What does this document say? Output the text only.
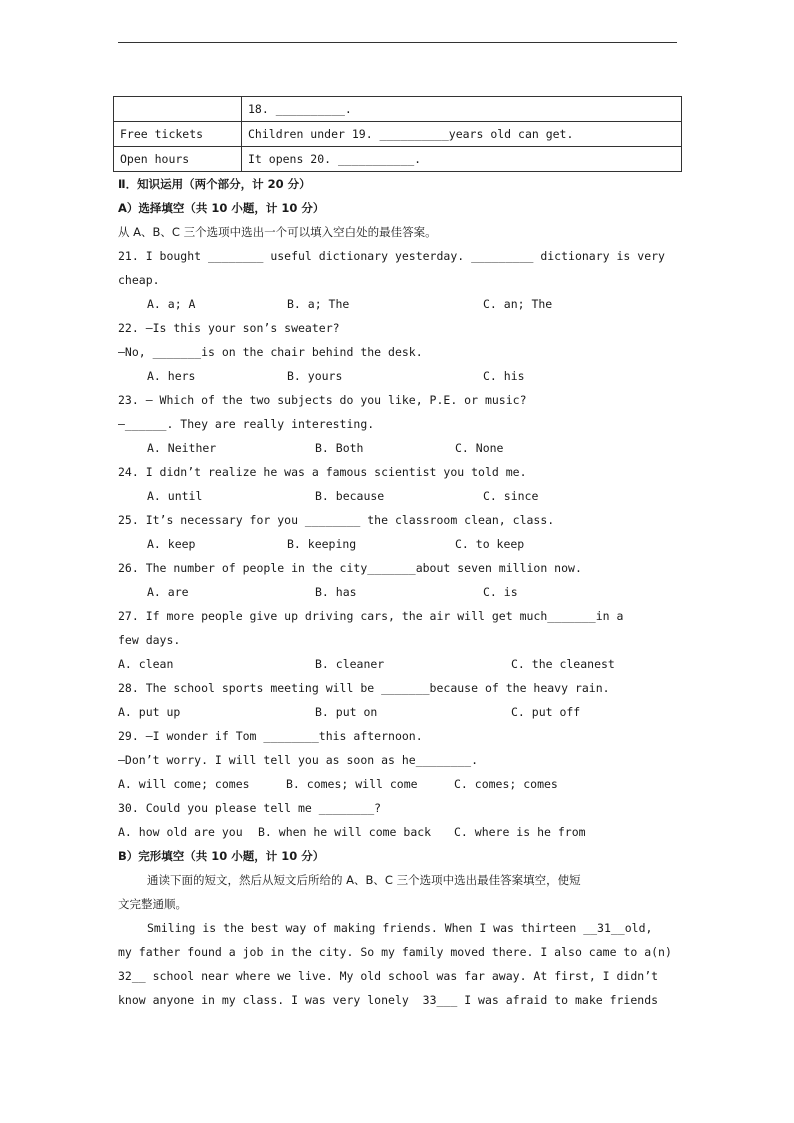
	18. __________.
Free tickets	Children under 19. __________years old can get.
Open hours	It opens 20. ___________.
Ⅱ．知识运用（两个部分，计 20 分）
A）选择填空（共 10 小题，计 10 分）
从 A、B、C 三个选项中选出一个可以填入空白处的最佳答案。
21. I bought ________ useful dictionary yesterday. _________ dictionary is very
cheap.
A. a; A	B. a; The	C. an; The
22. —Is this your son’s sweater?
—No, _______is on the chair behind the desk.
A. hers	B. yours	C. his
23. — Which of the two subjects do you like, P.E. or music?
—______. They are really interesting.
A. Neither	B. Both	C. None
24. I didn’t realize he was a famous scientist you told me.
A. until	B. because	C. since
25. It’s necessary for you ________ the classroom clean, class.
A. keep	B. keeping	C. to keep
26. The number of people in the city_______about seven million now.
A. are	B. has	C. is
27. If more people give up driving cars, the air will get much_______in a
few days.
A. clean	B. cleaner	C. the cleanest
28. The school sports meeting will be _______because of the heavy rain.
A. put up	B. put on	C. put off
29. —I wonder if Tom ________this afternoon.
—Don’t worry. I will tell you as soon as he________.
A. will come; comes	B. comes; will come	C. comes; comes
30. Could you please tell me ________?
A. how old are you	B. when he will come back	C. where is he from
B）完形填空（共 10 小题，计 10 分）
通读下面的短文，然后从短文后所给的 A、B、C 三个选项中选出最佳答案填空，使短
文完整通顺。
Smiling is the best way of making friends. When I was thirteen __31__old,
my father found a job in the city. So my family moved there. I also came to a(n)
32__ school near where we live. My old school was far away. At first, I didn’t
know anyone in my class. I was very lonely  33___ I was afraid to make friends
